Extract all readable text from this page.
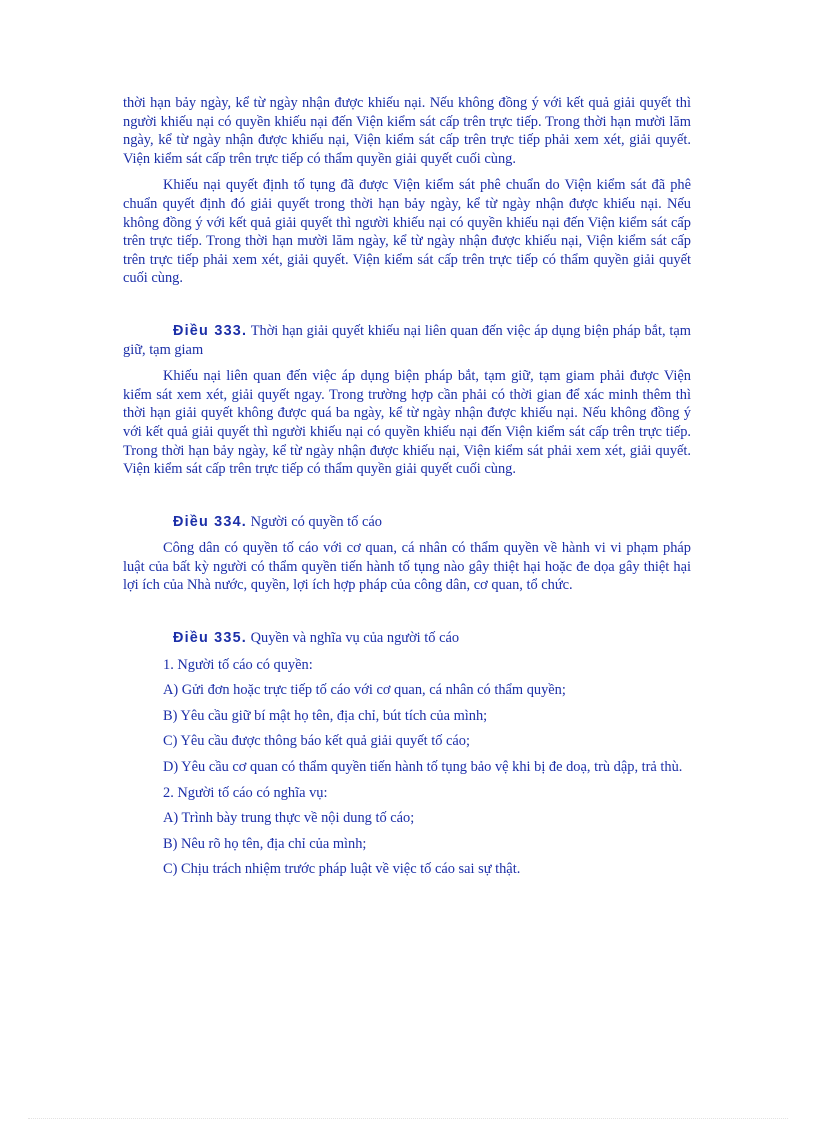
thời hạn bảy ngày, kể từ ngày nhận được khiếu nại. Nếu không đồng ý với kết quả giải quyết thì người khiếu nại có quyền khiếu nại đến Viện kiểm sát cấp trên trực tiếp. Trong thời hạn mười lăm ngày, kể từ ngày nhận được khiếu nại, Viện kiểm sát cấp trên trực tiếp phải xem xét, giải quyết. Viện kiểm sát cấp trên trực tiếp có thẩm quyền giải quyết cuối cùng.

Khiếu nại quyết định tố tụng đã được Viện kiểm sát phê chuẩn do Viện kiểm sát đã phê chuẩn quyết định đó giải quyết trong thời hạn bảy ngày, kể từ ngày nhận được khiếu nại. Nếu không đồng ý với kết quả giải quyết thì người khiếu nại có quyền khiếu nại đến Viện kiểm sát cấp trên trực tiếp. Trong thời hạn mười lăm ngày, kể từ ngày nhận được khiếu nại, Viện kiểm sát cấp trên trực tiếp phải xem xét, giải quyết. Viện kiểm sát cấp trên trực tiếp có thẩm quyền giải quyết cuối cùng.

Điều 333. Thời hạn giải quyết khiếu nại liên quan đến việc áp dụng biện pháp bắt, tạm giữ, tạm giam

Khiếu nại liên quan đến việc áp dụng biện pháp bắt, tạm giữ, tạm giam phải được Viện kiểm sát xem xét, giải quyết ngay. Trong trường hợp cần phải có thời gian để xác minh thêm thì thời hạn giải quyết không được quá ba ngày, kể từ ngày nhận được khiếu nại. Nếu không đồng ý với kết quả giải quyết thì người khiếu nại có quyền khiếu nại đến Viện kiểm sát cấp trên trực tiếp. Trong thời hạn bảy ngày, kể từ ngày nhận được khiếu nại, Viện kiểm sát phải xem xét, giải quyết. Viện kiểm sát cấp trên trực tiếp có thẩm quyền giải quyết cuối cùng.

Điều 334. Người có quyền tố cáo

Công dân có quyền tố cáo với cơ quan, cá nhân có thẩm quyền về hành vi vi phạm pháp luật của bất kỳ người có thẩm quyền tiến hành tố tụng nào gây thiệt hại hoặc đe dọa gây thiệt hại lợi ích của Nhà nước, quyền, lợi ích hợp pháp của công dân, cơ quan, tổ chức.

Điều 335. Quyền và nghĩa vụ của người tố cáo

1. Người tố cáo có quyền:

A) Gửi đơn hoặc trực tiếp tố cáo với cơ quan, cá nhân có thẩm quyền;

B) Yêu cầu giữ bí mật họ tên, địa chỉ, bút tích của mình;

C) Yêu cầu được thông báo kết quả giải quyết tố cáo;

D) Yêu cầu cơ quan có thẩm quyền tiến hành tố tụng bảo vệ khi bị đe doạ, trù dập, trả thù.

2. Người tố cáo có nghĩa vụ:

A) Trình bày trung thực về nội dung tố cáo;

B) Nêu rõ họ tên, địa chỉ của mình;

C) Chịu trách nhiệm trước pháp luật về việc tố cáo sai sự thật.
